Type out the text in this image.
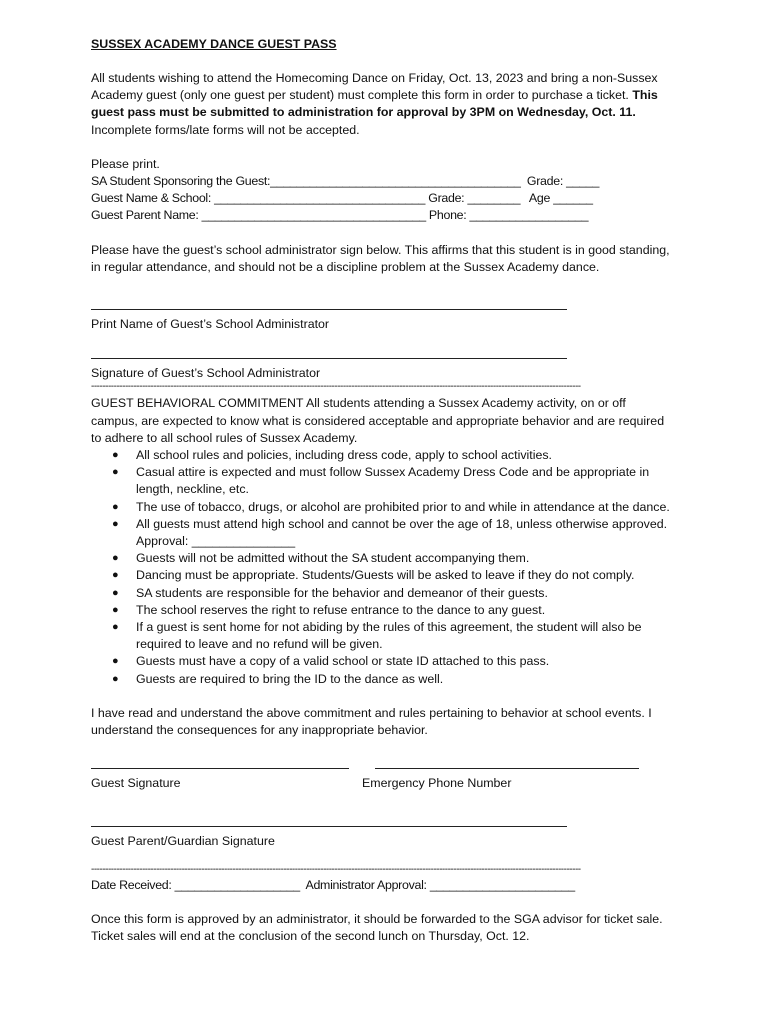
SUSSEX ACADEMY DANCE GUEST PASS
All students wishing to attend the Homecoming Dance on Friday, Oct. 13, 2023 and bring a non-Sussex
Academy guest (only one guest per student) must complete this form in order to purchase a ticket. This
guest pass must be submitted to administration for approval by 3PM on Wednesday, Oct. 11.
Incomplete forms/late forms will not be accepted.
Please print.
SA Student Sponsoring the Guest:______________________________________  Grade: _____
Guest Name & School: ________________________________ Grade: ________   Age ______
Guest Parent Name: __________________________________ Phone: __________________
Please have the guest’s school administrator sign below. This affirms that this student is in good standing,
in regular attendance, and should not be a discipline problem at the Sussex Academy dance.
Print Name of Guest’s School Administrator
Signature of Guest’s School Administrator
-----------------------------------------------------------------------------------------------------------------------------------------------------------------------------
GUEST BEHAVIORAL COMMITMENT All students attending a Sussex Academy activity, on or off
campus, are expected to know what is considered acceptable and appropriate behavior and are required
to adhere to all school rules of Sussex Academy.
● All school rules and policies, including dress code, apply to school activities.
● Casual attire is expected and must follow Sussex Academy Dress Code and be appropriate in
length, neckline, etc.
● The use of tobacco, drugs, or alcohol are prohibited prior to and while in attendance at the dance.
● All guests must attend high school and cannot be over the age of 18, unless otherwise approved.
Approval: _______________
● Guests will not be admitted without the SA student accompanying them.
● Dancing must be appropriate. Students/Guests will be asked to leave if they do not comply.
● SA students are responsible for the behavior and demeanor of their guests.
● The school reserves the right to refuse entrance to the dance to any guest.
● If a guest is sent home for not abiding by the rules of this agreement, the student will also be
required to leave and no refund will be given.
● Guests must have a copy of a valid school or state ID attached to this pass.
● Guests are required to bring the ID to the dance as well.
I have read and understand the above commitment and rules pertaining to behavior at school events. I
understand the consequences for any inappropriate behavior.
Guest Signature	Emergency Phone Number
Guest Parent/Guardian Signature
-----------------------------------------------------------------------------------------------------------------------------------------------------------------------------
Date Received: ___________________  Administrator Approval: ______________________
Once this form is approved by an administrator, it should be forwarded to the SGA advisor for ticket sale.
Ticket sales will end at the conclusion of the second lunch on Thursday, Oct. 12.
